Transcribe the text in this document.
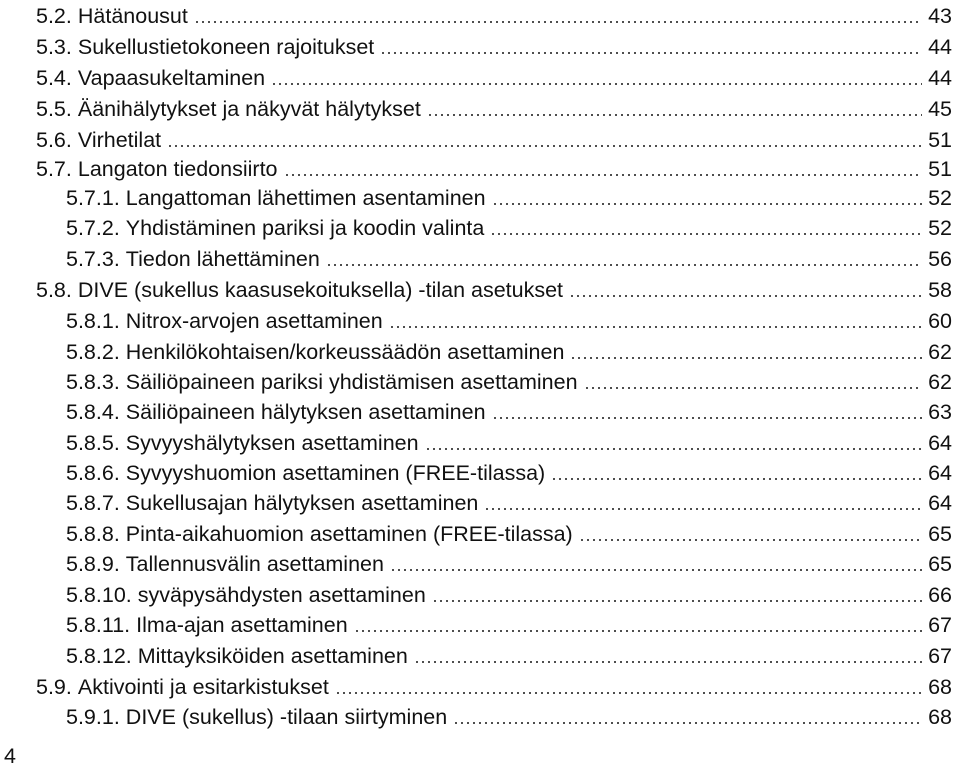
5.2. Hätänousut	43
5.3. Sukellustietokoneen rajoitukset	44
5.4. Vapaasukeltaminen	44
5.5. Äänihälytykset ja näkyvät hälytykset	45
5.6. Virhetilat	51
5.7. Langaton tiedonsiirto	51
5.7.1. Langattoman lähettimen asentaminen	52
5.7.2. Yhdistäminen pariksi ja koodin valinta	52
5.7.3. Tiedon lähettäminen	56
5.8. DIVE (sukellus kaasusekoituksella) -tilan asetukset	58
5.8.1. Nitrox-arvojen asettaminen	60
5.8.2. Henkilökohtaisen/korkeussäädön asettaminen	62
5.8.3. Säiliöpaineen pariksi yhdistämisen asettaminen	62
5.8.4. Säiliöpaineen hälytyksen asettaminen	63
5.8.5. Syvyyshälytyksen asettaminen	64
5.8.6. Syvyyshuomion asettaminen (FREE-tilassa)	64
5.8.7. Sukellusajan hälytyksen asettaminen	64
5.8.8. Pinta-aikahuomion asettaminen (FREE-tilassa)	65
5.8.9. Tallennusvälin asettaminen	65
5.8.10. syväpysähdysten asettaminen	66
5.8.11. Ilma-ajan asettaminen	67
5.8.12. Mittayksiköiden asettaminen	67
5.9. Aktivointi ja esitarkistukset	68
5.9.1. DIVE (sukellus) -tilaan siirtyminen	68
4
